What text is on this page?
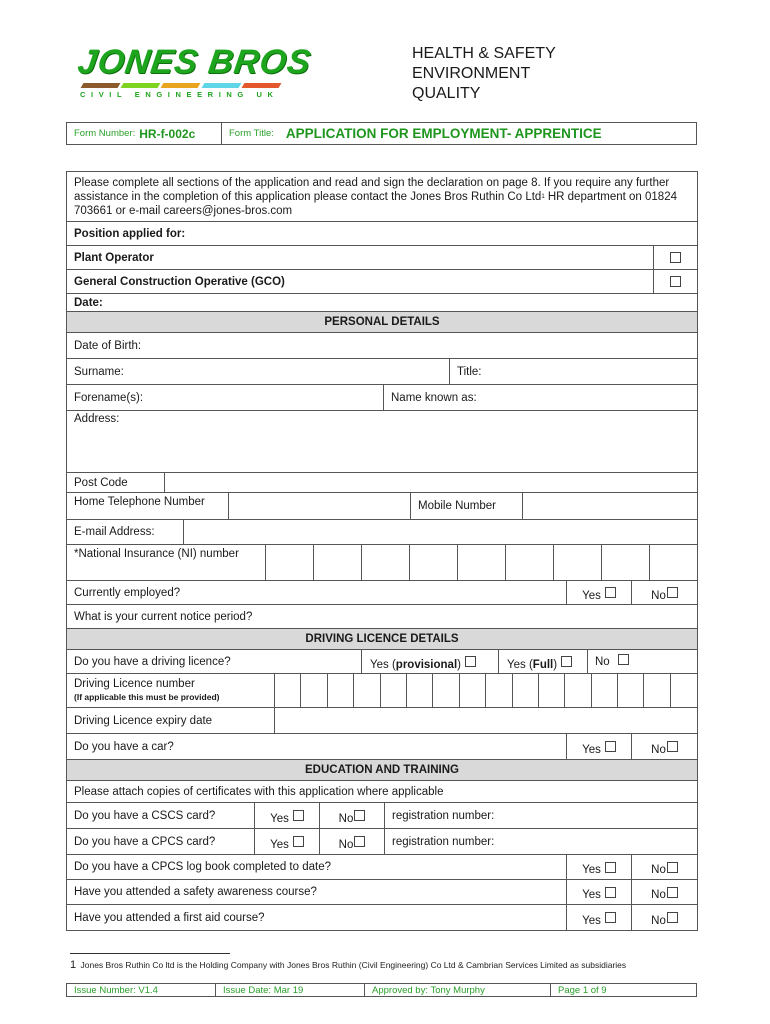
JONES BROS
CIVIL ENGINEERING UK
HEALTH & SAFETY
ENVIRONMENT
QUALITY
Form Number: HR-f-002c	Form Title: APPLICATION FOR EMPLOYMENT- APPRENTICE
Please complete all sections of the application and read and sign the declaration on page 8. If you require any further assistance in the completion of this application please contact the Jones Bros Ruthin Co Ltd$^1$ HR department on 01824 703661 or e-mail careers@jones-bros.com
Position applied for:
Plant Operator
General Construction Operative (GCO)
Date:
PERSONAL DETAILS
Date of Birth:
Surname:	Title:
Forename(s):	Name known as:
Address:
Post Code
Home Telephone Number	Mobile Number
E-mail Address:
*National Insurance (NI) number
Currently employed?	Yes	No
What is your current notice period?
DRIVING LICENCE DETAILS
Do you have a driving licence?	Yes (provisional)	Yes (Full)	No
Driving Licence number
(If applicable this must be provided)
Driving Licence expiry date
Do you have a car?	Yes	No
EDUCATION AND TRAINING
Please attach copies of certificates with this application where applicable
Do you have a CSCS card?	Yes	No	registration number:
Do you have a CPCS card?	Yes	No	registration number:
Do you have a CPCS log book completed to date?	Yes	No
Have you attended a safety awareness course?	Yes	No
Have you attended a first aid course?	Yes	No
1 Jones Bros Ruthin Co ltd is the Holding Company with Jones Bros Ruthin (Civil Engineering) Co Ltd & Cambrian Services Limited as subsidiaries
Issue Number: V1.4	Issue Date: Mar 19	Approved by: Tony Murphy	Page 1 of 9
